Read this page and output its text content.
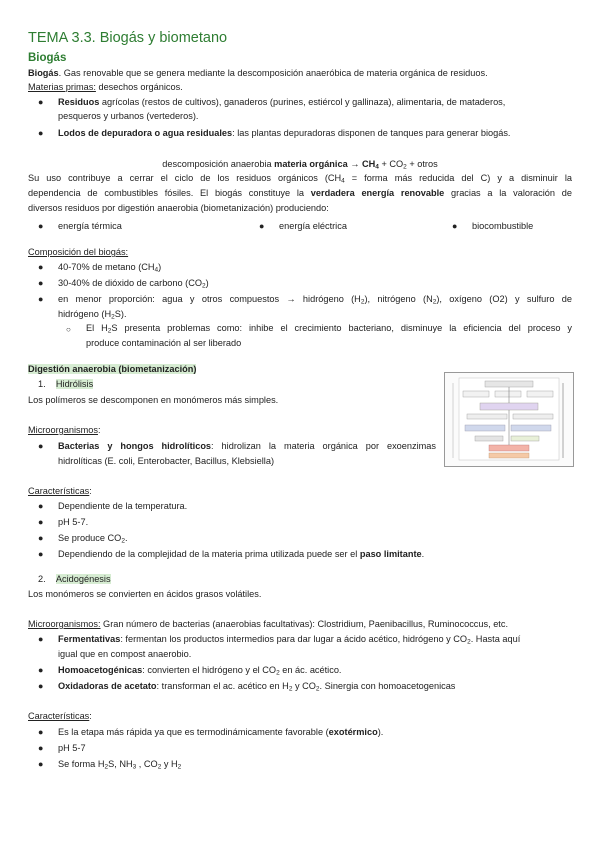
TEMA 3.3. Biogás y biometano
Biogás
Biogás. Gas renovable que se genera mediante la descomposición anaeróbica de materia orgánica de residuos.
Materias primas: desechos orgánicos.
● Residuos agrícolas (restos de cultivos), ganaderos (purines, estiércol y gallinaza), alimentaria, de mataderos,
pesqueros y urbanos (vertederos).
● Lodos de depuradora o agua residuales: las plantas depuradoras disponen de tanques para generar biogás.
descomposición anaerobia materia orgánica → $CH_4 + CO_2$ + otros
Su uso contribuye a cerrar el ciclo de los residuos orgánicos ($CH_4$ = forma más reducida del C) y a disminuir la
dependencia de combustibles fósiles. El biogás constituye la verdadera energía renovable gracias a la valoración de
diversos residuos por digestión anaerobia (biometanización) produciendo:
● energía térmica	● energía eléctrica	● biocombustible
Composición del biogás:
● 40-70% de metano $(CH_4)$
● 30-40% de dióxido de carbono $(CO_2)$
● en menor proporción: agua y otros compuestos → hidrógeno $(H_2)$, nitrógeno $(N_2)$, oxígeno (O2) y sulfuro de
hidrógeno $(H_2S)$.
○ El $H_2S$ presenta problemas como: inhibe el crecimiento bacteriano, disminuye la eficiencia del proceso y
produce contaminación al ser liberado
Digestión anaerobia (biometanización)
1. Hidrólisis
Los polímeros se descomponen en monómeros más simples.
Microorganismos:
● Bacterias y hongos hidrolíticos: hidrolizan la materia orgánica por exoenzimas
hidrolíticas (E. coli, Enterobacter, Bacillus, Klebsiella)
Características:
● Dependiente de la temperatura.
● pH 5-7.
● Se produce $CO_2$.
● Dependiendo de la complejidad de la materia prima utilizada puede ser el paso limitante.
2. Acidogénesis
Los monómeros se convierten en ácidos grasos volátiles.
Microorganismos: Gran número de bacterias (anaerobias facultativas): Clostridium, Paenibacillus, Ruminococcus, etc.
● Fermentativas: fermentan los productos intermedios para dar lugar a ácido acético, hidrógeno y $CO_2$. Hasta aquí
igual que en compost anaerobio.
● Homoacetogénicas: convierten el hidrógeno y el $CO_2$ en ác. acético.
● Oxidadoras de acetato: transforman el ac. acético en $H_2$ y $CO_2$. Sinergia con homoacetogenicas
Características:
● Es la etapa más rápida ya que es termodinámicamente favorable (exotérmico).
● pH 5-7
● Se forma $H_2S$, $NH_3$ , $CO_2$ y $H_2$
